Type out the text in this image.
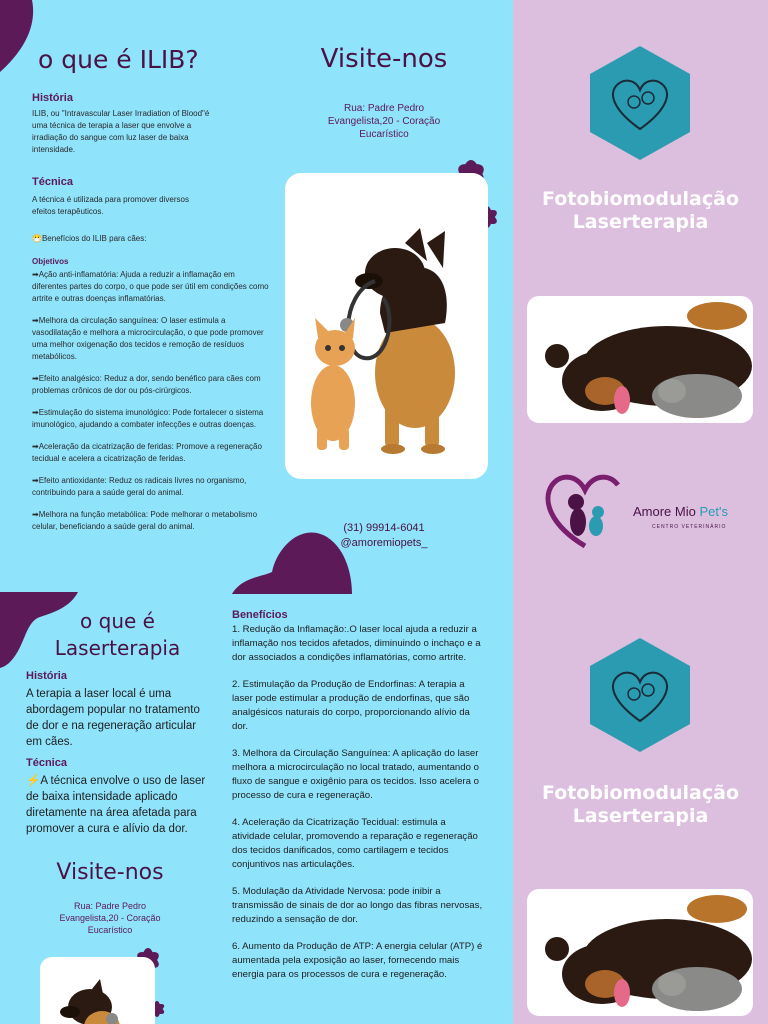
o que é ILIB?
História
ILIB, ou "Intravascular Laser Irradiation of Blood"é uma técnica de terapia a laser que envolve a irradiação do sangue com luz laser de baixa intensidade.
Técnica
A técnica é utilizada para promover diversos efeitos terapêuticos.
😷Benefícios do ILIB para cães:
Objetivos

➡Ação anti-inflamatória: Ajuda a reduzir a inflamação em diferentes partes do corpo, o que pode ser útil em condições como artrite e outras doenças inflamatórias.

➡Melhora da circulação sanguínea: O laser estimula a vasodilatação e melhora a microcirculação, o que pode promover uma melhor oxigenação dos tecidos e remoção de resíduos metabólicos.

➡Efeito analgésico: Reduz a dor, sendo benéfico para cães com problemas crônicos de dor ou pós-cirúrgicos.

➡Estimulação do sistema imunológico: Pode fortalecer o sistema imunológico, ajudando a combater infecções e outras doenças.

➡Aceleração da cicatrização de feridas: Promove a regeneração tecidual e acelera a cicatrização de feridas.

➡Efeito antioxidante: Reduz os radicais livres no organismo, contribuindo para a saúde geral do animal.

➡Melhora na função metabólica: Pode melhorar o metabolismo celular, beneficiando a saúde geral do animal.

Visite-nos
Rua: Padre Pedro
Evangelista,20 - Coração
Eucarístico
(31) 99914-6041
@amoremiopets_
Fotobiomodulação
Laserterapia
Amore Mio Pet's
CENTRO VETERINÁRIO
Fotobiomodulação
Laserterapia
o que é
Laserterapia
História
A terapia a laser local é uma abordagem popular no tratamento de dor e na regeneração articular em cães.
Técnica
⚡A técnica envolve o uso de laser de baixa intensidade aplicado diretamente na área afetada para promover a cura e alívio da dor.
Visite-nos
Rua: Padre Pedro
Evangelista,20 - Coração
Eucarístico
Benefícios

1. Redução da Inflamação:.O laser local ajuda a reduzir a inflamação nos tecidos afetados, diminuindo o inchaço e a dor associados a condições inflamatórias, como artrite.

2. Estimulação da Produção de Endorfinas: A terapia a laser pode estimular a produção de endorfinas, que são analgésicos naturais do corpo, proporcionando alívio da dor.

3. Melhora da Circulação Sanguínea: A aplicação do laser melhora a microcirculação no local tratado, aumentando o fluxo de sangue e oxigênio para os tecidos. Isso acelera o processo de cura e regeneração.

4. Aceleração da Cicatrização Tecidual: estimula a atividade celular, promovendo a reparação e regeneração dos tecidos danificados, como cartilagem e tecidos conjuntivos nas articulações.

5. Modulação da Atividade Nervosa: pode inibir a transmissão de sinais de dor ao longo das fibras nervosas, reduzindo a sensação de dor.

6. Aumento da Produção de ATP: A energia celular (ATP) é aumentada pela exposição ao laser, fornecendo mais energia para os processos de cura e regeneração.
